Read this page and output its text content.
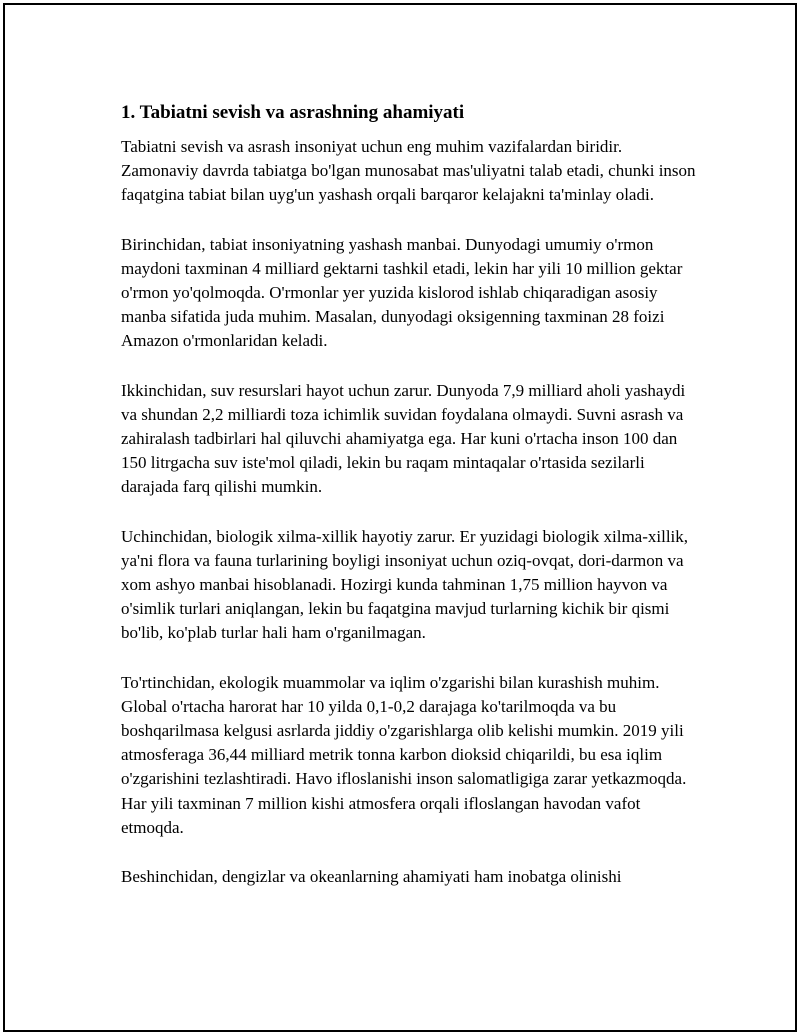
1. Tabiatni sevish va asrashning ahamiyati

Tabiatni sevish va asrash insoniyat uchun eng muhim vazifalardan biridir. Zamonaviy davrda tabiatga bo'lgan munosabat mas'uliyatni talab etadi, chunki inson faqatgina tabiat bilan uyg'un yashash orqali barqaror kelajakni ta'minlay oladi.

Birinchidan, tabiat insoniyatning yashash manbai. Dunyodagi umumiy o'rmon maydoni taxminan 4 milliard gektarni tashkil etadi, lekin har yili 10 million gektar o'rmon yo'qolmoqda. O'rmonlar yer yuzida kislorod ishlab chiqaradigan asosiy manba sifatida juda muhim. Masalan, dunyodagi oksigenning taxminan 28 foizi Amazon o'rmonlaridan keladi.

Ikkinchidan, suv resurslari hayot uchun zarur. Dunyoda 7,9 milliard aholi yashaydi va shundan 2,2 milliardi toza ichimlik suvidan foydalana olmaydi. Suvni asrash va zahiralash tadbirlari hal qiluvchi ahamiyatga ega. Har kuni o'rtacha inson 100 dan 150 litrgacha suv iste'mol qiladi, lekin bu raqam mintaqalar o'rtasida sezilarli darajada farq qilishi mumkin.

Uchinchidan, biologik xilma-xillik hayotiy zarur. Er yuzidagi biologik xilma-xillik, ya'ni flora va fauna turlarining boyligi insoniyat uchun oziq-ovqat, dori-darmon va xom ashyo manbai hisoblanadi. Hozirgi kunda tahminan 1,75 million hayvon va o'simlik turlari aniqlangan, lekin bu faqatgina mavjud turlarning kichik bir qismi bo'lib, ko'plab turlar hali ham o'rganilmagan.

To'rtinchidan, ekologik muammolar va iqlim o'zgarishi bilan kurashish muhim. Global o'rtacha harorat har 10 yilda 0,1-0,2 darajaga ko'tarilmoqda va bu boshqarilmasa kelgusi asrlarda jiddiy o'zgarishlarga olib kelishi mumkin. 2019 yili atmosferaga 36,44 milliard metrik tonna karbon dioksid chiqarildi, bu esa iqlim o'zgarishini tezlashtiradi. Havo ifloslanishi inson salomatligiga zarar yetkazmoqda. Har yili taxminan 7 million kishi atmosfera orqali ifloslangan havodan vafot etmoqda.

Beshinchidan, dengizlar va okeanlarning ahamiyati ham inobatga olinishi
